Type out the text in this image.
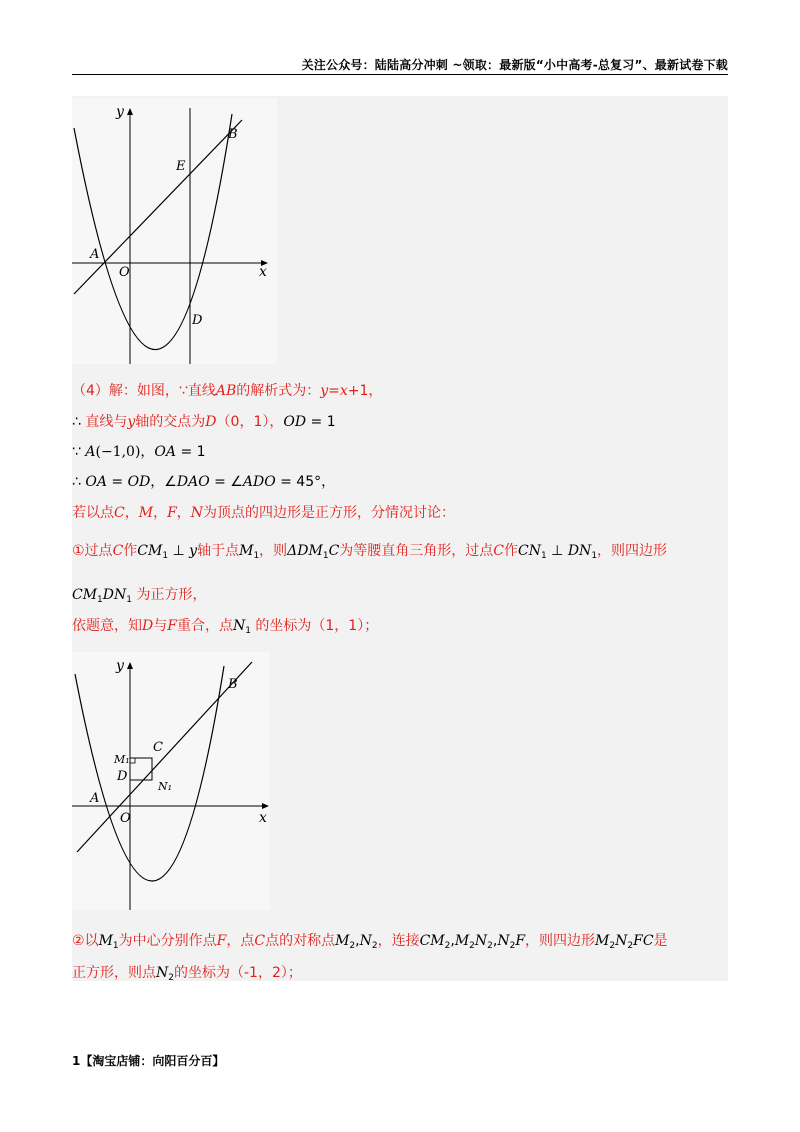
关注公众号：陆陆高分冲刺 ~领取：最新版“小中高考-总复习”、最新试卷下载
y
x
O
A
B
E
D
（4）解：如图，∵直线AB的解析式为：y=x+1，
∴ 直线与y轴的交点为D（0，1），OD = 1
∵ A(−1,0)，OA = 1
∴ OA = OD，∠DAO = ∠ADO = 45°，
若以点C，M，F，N为顶点的四边形是正方形，分情况讨论：
①过点C作$CM_1$ ⊥ y轴于点$M_1$，则$\Delta DM_1C$为等腰直角三角形，过点C作$CN_1$ ⊥ $DN_1$，则四边形
$CM_1DN_1$ 为正方形，
依题意，知D与F重合，点$N_1$ 的坐标为（1，1）；
y
x
O
A
B
C
D
M₁
N₁
②以$M_1$为中心分别作点F，点C点的对称点$M_2,N_2$，连接$CM_2,M_2N_2,N_2F$，则四边形$M_2N_2FC$是
正方形，则点$N_2$的坐标为（-1，2）；
1【淘宝店铺：向阳百分百】
